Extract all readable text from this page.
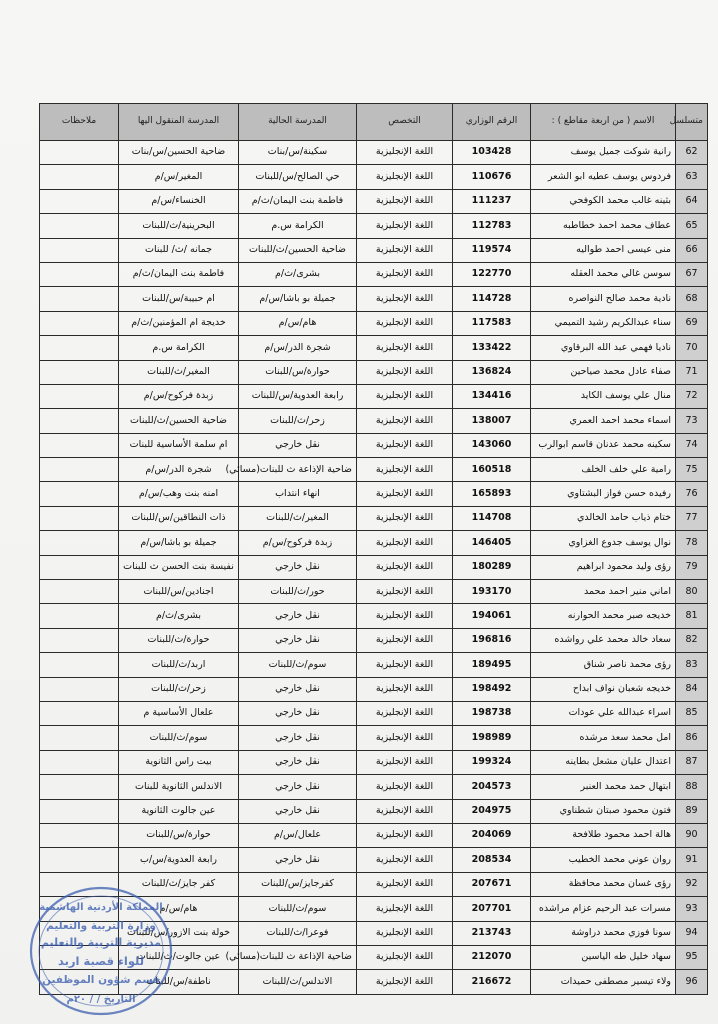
متسلسل	الاسم ( من اربعة مقاطع ) :	الرقم الوزاري	التخصص	المدرسة الحالية	المدرسة المنقول اليها	ملاحظات
62	رانية شوكت جميل يوسف	103428	اللغة الإنجليزية	سكينة/س/بنات	ضاحية الحسين/س/بنات	
63	فردوس يوسف عطيه ابو الشعر	110676	اللغة الإنجليزية	حي الصالح/س/للبنات	المغير/س/م	
64	بثينه غالب محمد الكوفحي	111237	اللغة الإنجليزية	فاطمة بنت اليمان/ث/م	الخنساء/س/م	
65	عطاف محمد احمد خطاطبه	112783	اللغة الإنجليزية	الكرامة س.م	البحرينية/ث/للبنات	
66	منى عيسى احمد طواليه	119574	اللغة الإنجليزية	ضاحية الحسين/ث/للبنات	جمانه /ث/ للبنات	
67	سوسن غالي محمد العقله	122770	اللغة الإنجليزية	بشرى/ث/م	فاطمة بنت اليمان/ث/م	
68	نادية محمد صالح النواصره	114728	اللغة الإنجليزية	جميلة بو باشا/س/م	ام حبيبة/س/للبنات	
69	سناء عبدالكريم رشيد التميمي	117583	اللغة الإنجليزية	هام/س/م	خديجة ام المؤمنين/ث/م	
70	ناديا فهمي عبد الله البرقاوي	133422	اللغة الإنجليزية	شجرة الدر/س/م	الكرامة س.م	
71	صفاء عادل محمد صياحين	136824	اللغة الإنجليزية	حوارة/س/للبنات	المغير/ث/للبنات	
72	منال علي يوسف الكايد	134416	اللغة الإنجليزية	رابعة العدوية/س/للبنات	زبدة فركوح/س/م	
73	اسماء محمد احمد العمري	138007	اللغة الإنجليزية	زحر/ث/للبنات	ضاحية الحسين/ث/للبنات	
74	سكينه محمد عدنان قاسم ابوالرب	143060	اللغة الإنجليزية	نقل خارجي	ام سلمة الأساسية للبنات	
75	رامية علي خلف الخلف	160518	اللغة الإنجليزية	ضاحية الإذاعة ث للبنات(مسائي)	شجرة الدر/س/م	
76	رفيده حسن فواز البشتاوي	165893	اللغة الإنجليزية	انهاء انتداب	امنه بنت وهب/س/م	
77	ختام ذياب حامد الخالدي	114708	اللغة الإنجليزية	المغير/ث/للبنات	ذات النطاقين/س/للبنات	
78	نوال يوسف جدوع الغزاوي	146405	اللغة الإنجليزية	زبدة فركوح/س/م	جميلة بو باشا/س/م	
79	رؤى وليد محمود ابراهيم	180289	اللغة الإنجليزية	نقل خارجي	نفيسة بنت الحسن ث للبنات	
80	اماني منير احمد محمد	193170	اللغة الإنجليزية	حور/ث/للبنات	اجنادين/س/للبنات	
81	خديجه صبر محمد الحوارنه	194061	اللغة الإنجليزية	نقل خارجي	بشرى/ث/م	
82	سعاد خالد محمد علي رواشده	196816	اللغة الإنجليزية	نقل خارجي	حوارة/ث/للبنات	
83	رؤى محمد ناصر شناق	189495	اللغة الإنجليزية	سوم/ث/للبنات	اربد/ث/للبنات	
84	خديجه شعبان نواف ابداح	198492	اللغة الإنجليزية	نقل خارجي	زحر/ث/للبنات	
85	اسراء عبدالله علي عودات	198738	اللغة الإنجليزية	نقل خارجي	علعال الأساسية م	
86	امل محمد سعد مرشده	198989	اللغة الإنجليزية	نقل خارجي	سوم/ث/للبنات	
87	اعتدال عليان مشعل بطاينه	199324	اللغة الإنجليزية	نقل خارجي	بيت راس الثانوية	
88	ابتهال حمد محمد العنبر	204573	اللغة الإنجليزية	نقل خارجي	الاندلس الثانوية للبنات	
89	فتون محمود صبتان شطناوي	204975	اللغة الإنجليزية	نقل خارجي	عين جالوت الثانوية	
90	هالة احمد محمود طلافحة	204069	اللغة الإنجليزية	علعال/س/م	حوارة/س/للبنات	
91	روان عوني محمد الخطيب	208534	اللغة الإنجليزية	نقل خارجي	رابعة العدوية/س/ب	
92	رؤى غسان محمد محافظة	207671	اللغة الإنجليزية	كفرجايز/س/للبنات	كفر جايز/ث/للبنات	
93	مسرات عبد الرحيم عزام مراشده	207701	اللغة الإنجليزية	سوم/ث/للبنات	هام/س/م	
94	سونا فوزي محمد دراوشة	213743	اللغة الإنجليزية	فوعرا/ث/للبنات	خولة بنت الازور/س/للبنات	
95	سهاد خليل طه الياسين	212070	اللغة الإنجليزية	ضاحية الإذاعة ث للبنات(مسائي)	عين جالوت/ث/للبنات	
96	ولاء تيسير مصطفى حميدات	216672	اللغة الإنجليزية	الاندلس/ث/للبنات	ناطفة/س/للبنات	
المملكة الأردنية الهاشمية
وزارة التربية والتعليم
مديرية التربية والتعليم
للواء قصبة اربد
قسم شؤون الموظفين
التاريخ / / ٢٠م
